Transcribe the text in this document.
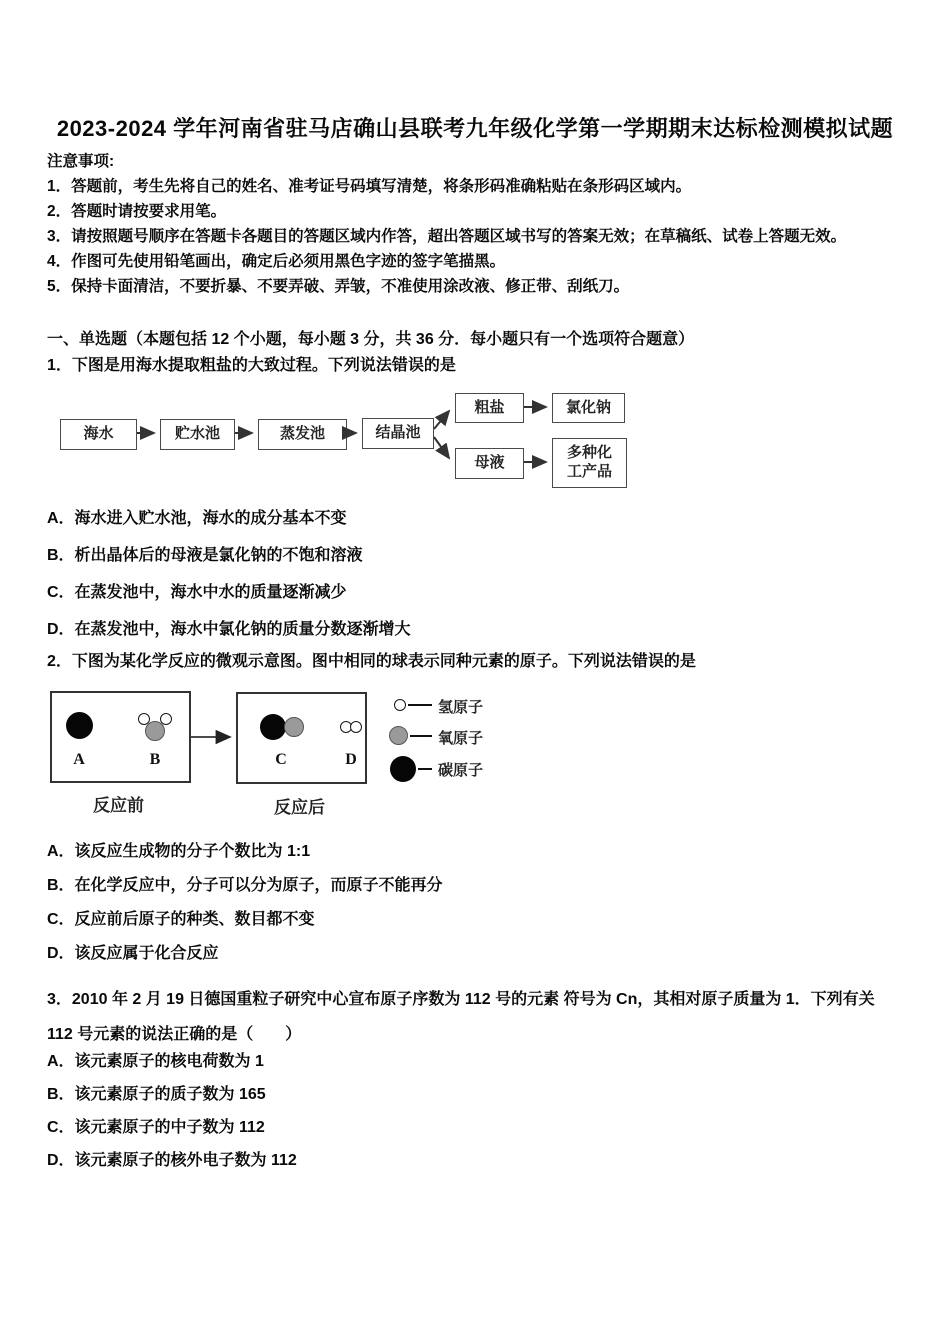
2023-2024 学年河南省驻马店确山县联考九年级化学第一学期期末达标检测模拟试题
注意事项:
1．答题前，考生先将自己的姓名、准考证号码填写清楚，将条形码准确粘贴在条形码区域内。
2．答题时请按要求用笔。
3．请按照题号顺序在答题卡各题目的答题区域内作答，超出答题区域书写的答案无效；在草稿纸、试卷上答题无效。
4．作图可先使用铅笔画出，确定后必须用黑色字迹的签字笔描黑。
5．保持卡面清洁，不要折暴、不要弄破、弄皱，不准使用涂改液、修正带、刮纸刀。
一、单选题（本题包括 12 个小题，每小题 3 分，共 36 分．每小题只有一个选项符合题意）
1．下图是用海水提取粗盐的大致过程。下列说法错误的是
海水	贮水池	蒸发池	结晶池
粗盐	氯化钠
母液
多种化工产品
A．海水进入贮水池，海水的成分基本不变
B．析出晶体后的母液是氯化钠的不饱和溶液
C．在蒸发池中，海水中水的质量逐渐减少
D．在蒸发池中，海水中氯化钠的质量分数逐渐增大
2．下图为某化学反应的微观示意图。图中相同的球表示同种元素的原子。下列说法错误的是
A	B	C	D
反应前	反应后
氢原子
氧原子
碳原子
A．该反应生成物的分子个数比为 1:1
B．在化学反应中，分子可以分为原子，而原子不能再分
C．反应前后原子的种类、数目都不变
D．该反应属于化合反应
3．2010 年 2 月 19 日德国重粒子研究中心宣布原子序数为 112 号的元素 符号为 Cn，其相对原子质量为 1．下列有关
112 号元素的说法正确的是（　　）
A．该元素原子的核电荷数为 1
B．该元素原子的质子数为 165
C．该元素原子的中子数为 112
D．该元素原子的核外电子数为 112
